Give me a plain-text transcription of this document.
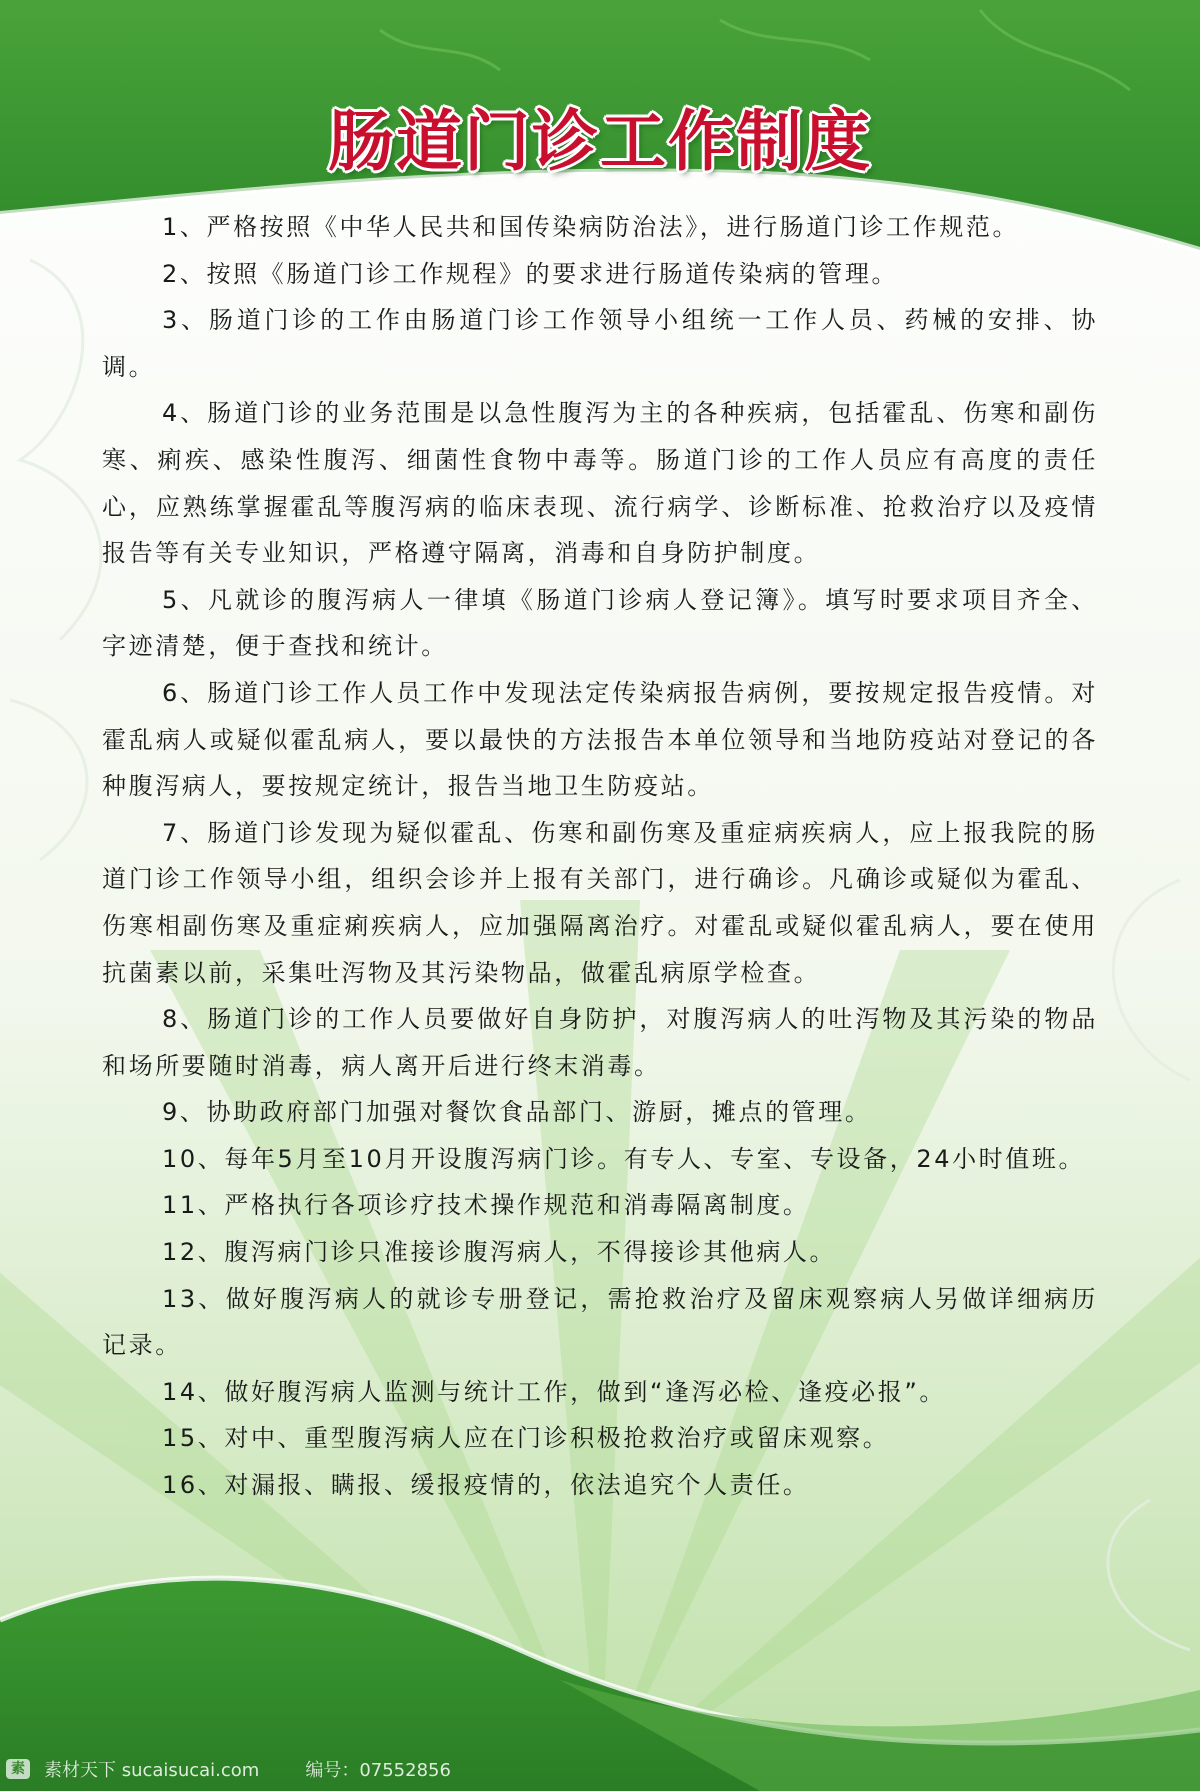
肠道门诊工作制度

1、严格按照《中华人民共和国传染病防治法》，进行肠道门诊工作规范。

2、按照《肠道门诊工作规程》的要求进行肠道传染病的管理。

3、肠道门诊的工作由肠道门诊工作领导小组统一工作人员、药械的安排、协调。

4、肠道门诊的业务范围是以急性腹泻为主的各种疾病，包括霍乱、伤寒和副伤寒、痢疾、感染性腹泻、细菌性食物中毒等。肠道门诊的工作人员应有高度的责任心，应熟练掌握霍乱等腹泻病的临床表现、流行病学、诊断标准、抢救治疗以及疫情报告等有关专业知识，严格遵守隔离，消毒和自身防护制度。

5、凡就诊的腹泻病人一律填《肠道门诊病人登记簿》。填写时要求项目齐全、字迹清楚，便于查找和统计。

6、肠道门诊工作人员工作中发现法定传染病报告病例，要按规定报告疫情。对霍乱病人或疑似霍乱病人，要以最快的方法报告本单位领导和当地防疫站对登记的各种腹泻病人，要按规定统计，报告当地卫生防疫站。

7、肠道门诊发现为疑似霍乱、伤寒和副伤寒及重症病疾病人，应上报我院的肠道门诊工作领导小组，组织会诊并上报有关部门，进行确诊。凡确诊或疑似为霍乱、伤寒相副伤寒及重症痢疾病人，应加强隔离治疗。对霍乱或疑似霍乱病人，要在使用抗菌素以前，采集吐泻物及其污染物品，做霍乱病原学检查。

8、肠道门诊的工作人员要做好自身防护，对腹泻病人的吐泻物及其污染的物品和场所要随时消毒，病人离开后进行终末消毒。

9、协助政府部门加强对餐饮食品部门、游厨，摊点的管理。

10、每年5月至10月开设腹泻病门诊。有专人、专室、专设备，24小时值班。

11、严格执行各项诊疗技术操作规范和消毒隔离制度。

12、腹泻病门诊只准接诊腹泻病人，不得接诊其他病人。

13、做好腹泻病人的就诊专册登记，需抢救治疗及留床观察病人另做详细病历记录。

14、做好腹泻病人监测与统计工作，做到“逢泻必检、逢疫必报”。

15、对中、重型腹泻病人应在门诊积极抢救治疗或留床观察。

16、对漏报、瞒报、缓报疫情的，依法追究个人责任。

素 素材天下 sucaisucai.com	编号：07552856
